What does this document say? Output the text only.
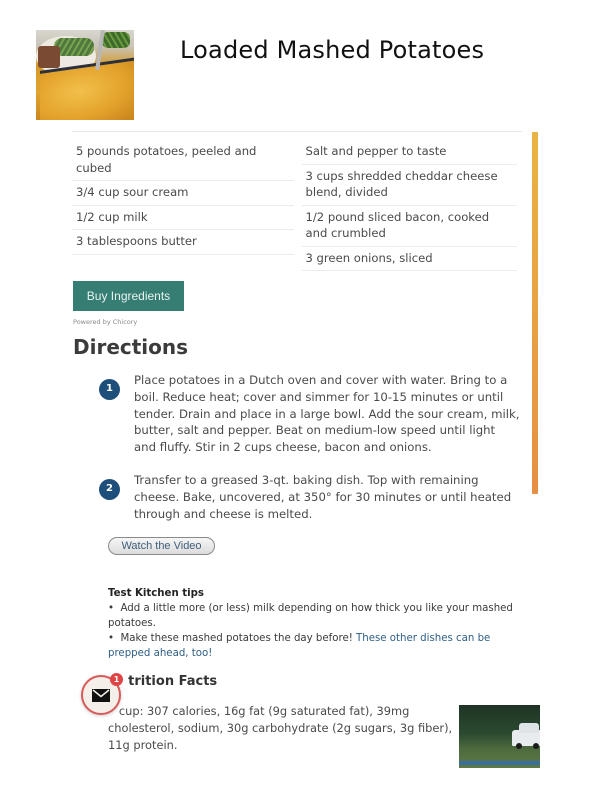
Loaded Mashed Potatoes
5 pounds potatoes, peeled and cubed
3/4 cup sour cream
1/2 cup milk
3 tablespoons butter
Salt and pepper to taste
3 cups shredded cheddar cheese blend, divided
1/2 pound sliced bacon, cooked and crumbled
3 green onions, sliced
Buy Ingredients
Powered by Chicory
Directions
1
Place potatoes in a Dutch oven and cover with water. Bring to a boil. Reduce heat; cover and simmer for 10-15 minutes or until tender. Drain and place in a large bowl. Add the sour cream, milk, butter, salt and pepper. Beat on medium-low speed until light and fluffy. Stir in 2 cups cheese, bacon and onions.
2
Transfer to a greased 3-qt. baking dish. Top with remaining cheese. Bake, uncovered, at 350° for 30 minutes or until heated through and cheese is melted.
Watch the Video
Test Kitchen tips
• Add a little more (or less) milk depending on how thick you like your mashed potatoes.
• Make these mashed potatoes the day before! These other dishes can be prepped ahead, too!
trition Facts
cup: 307 calories, 16g fat (9g saturated fat), 39mg cholesterol, sodium, 30g carbohydrate (2g sugars, 3g fiber), 11g protein.
1
